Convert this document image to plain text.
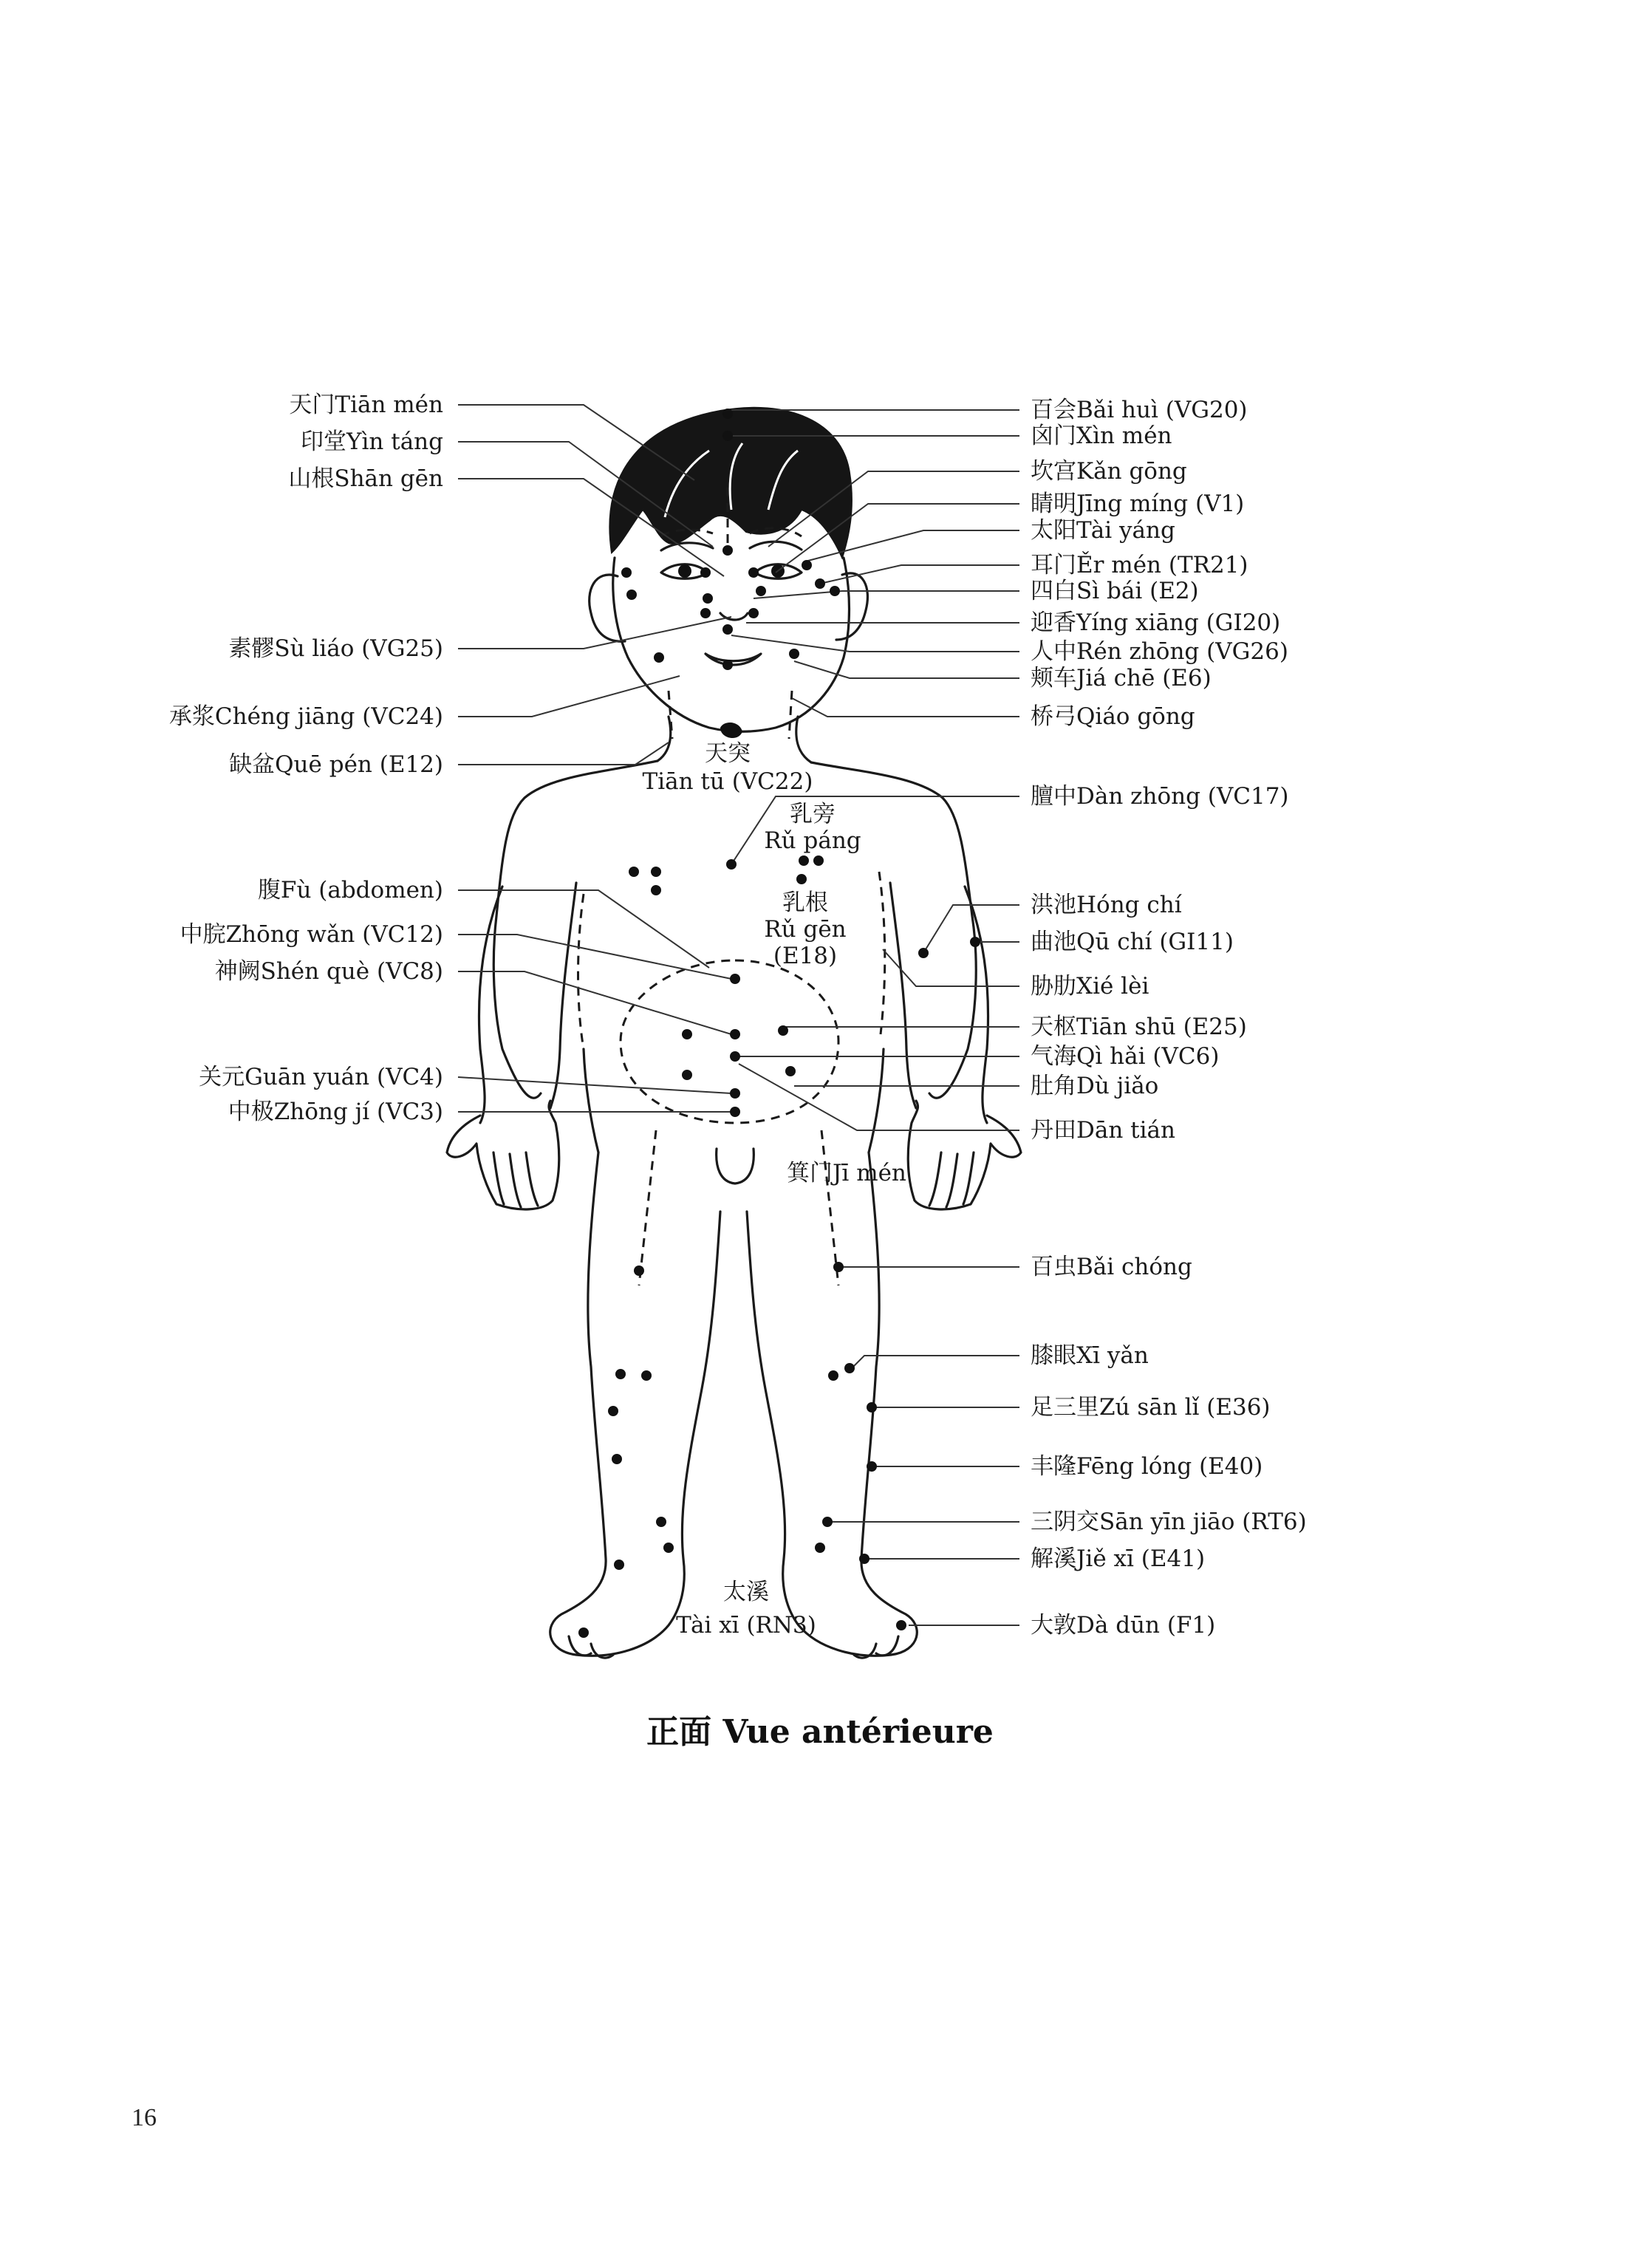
天门Tiān mén
印堂Yìn táng
山根Shān gēn
素髎Sù liáo (VG25)
承浆Chéng jiāng (VC24)
缺盆Quē pén (E12)
腹Fù (abdomen)
中脘Zhōng wǎn (VC12)
神阙Shén què (VC8)
关元Guān yuán (VC4)
中极Zhōng jí (VC3)
百会Bǎi huì (VG20)
囟门Xìn mén
坎宫Kǎn gōng
睛明Jīng míng (V1)
太阳Tài yáng
耳门Ěr mén (TR21)
四白Sì bái (E2)
迎香Yíng xiāng (GI20)
人中Rén zhōng (VG26)
颊车Jiá chē (E6)
桥弓Qiáo gōng
膻中Dàn zhōng (VC17)
洪池Hóng chí
曲池Qū chí (GI11)
胁肋Xié lèi
天枢Tiān shū (E25)
气海Qì hǎi (VC6)
肚角Dù jiǎo
丹田Dān tián
百虫Bǎi chóng
膝眼Xī yǎn
足三里Zú sān lǐ (E36)
丰隆Fēng lóng (E40)
三阴交Sān yīn jiāo (RT6)
解溪Jiě xī (E41)
大敦Dà dūn (F1)
天突
Tiān tū (VC22)
乳旁
Rǔ páng
乳根
Rǔ gēn
(E18)
箕门Jī mén
太溪
Tài xī (RN3)
正面 Vue antérieure
16
